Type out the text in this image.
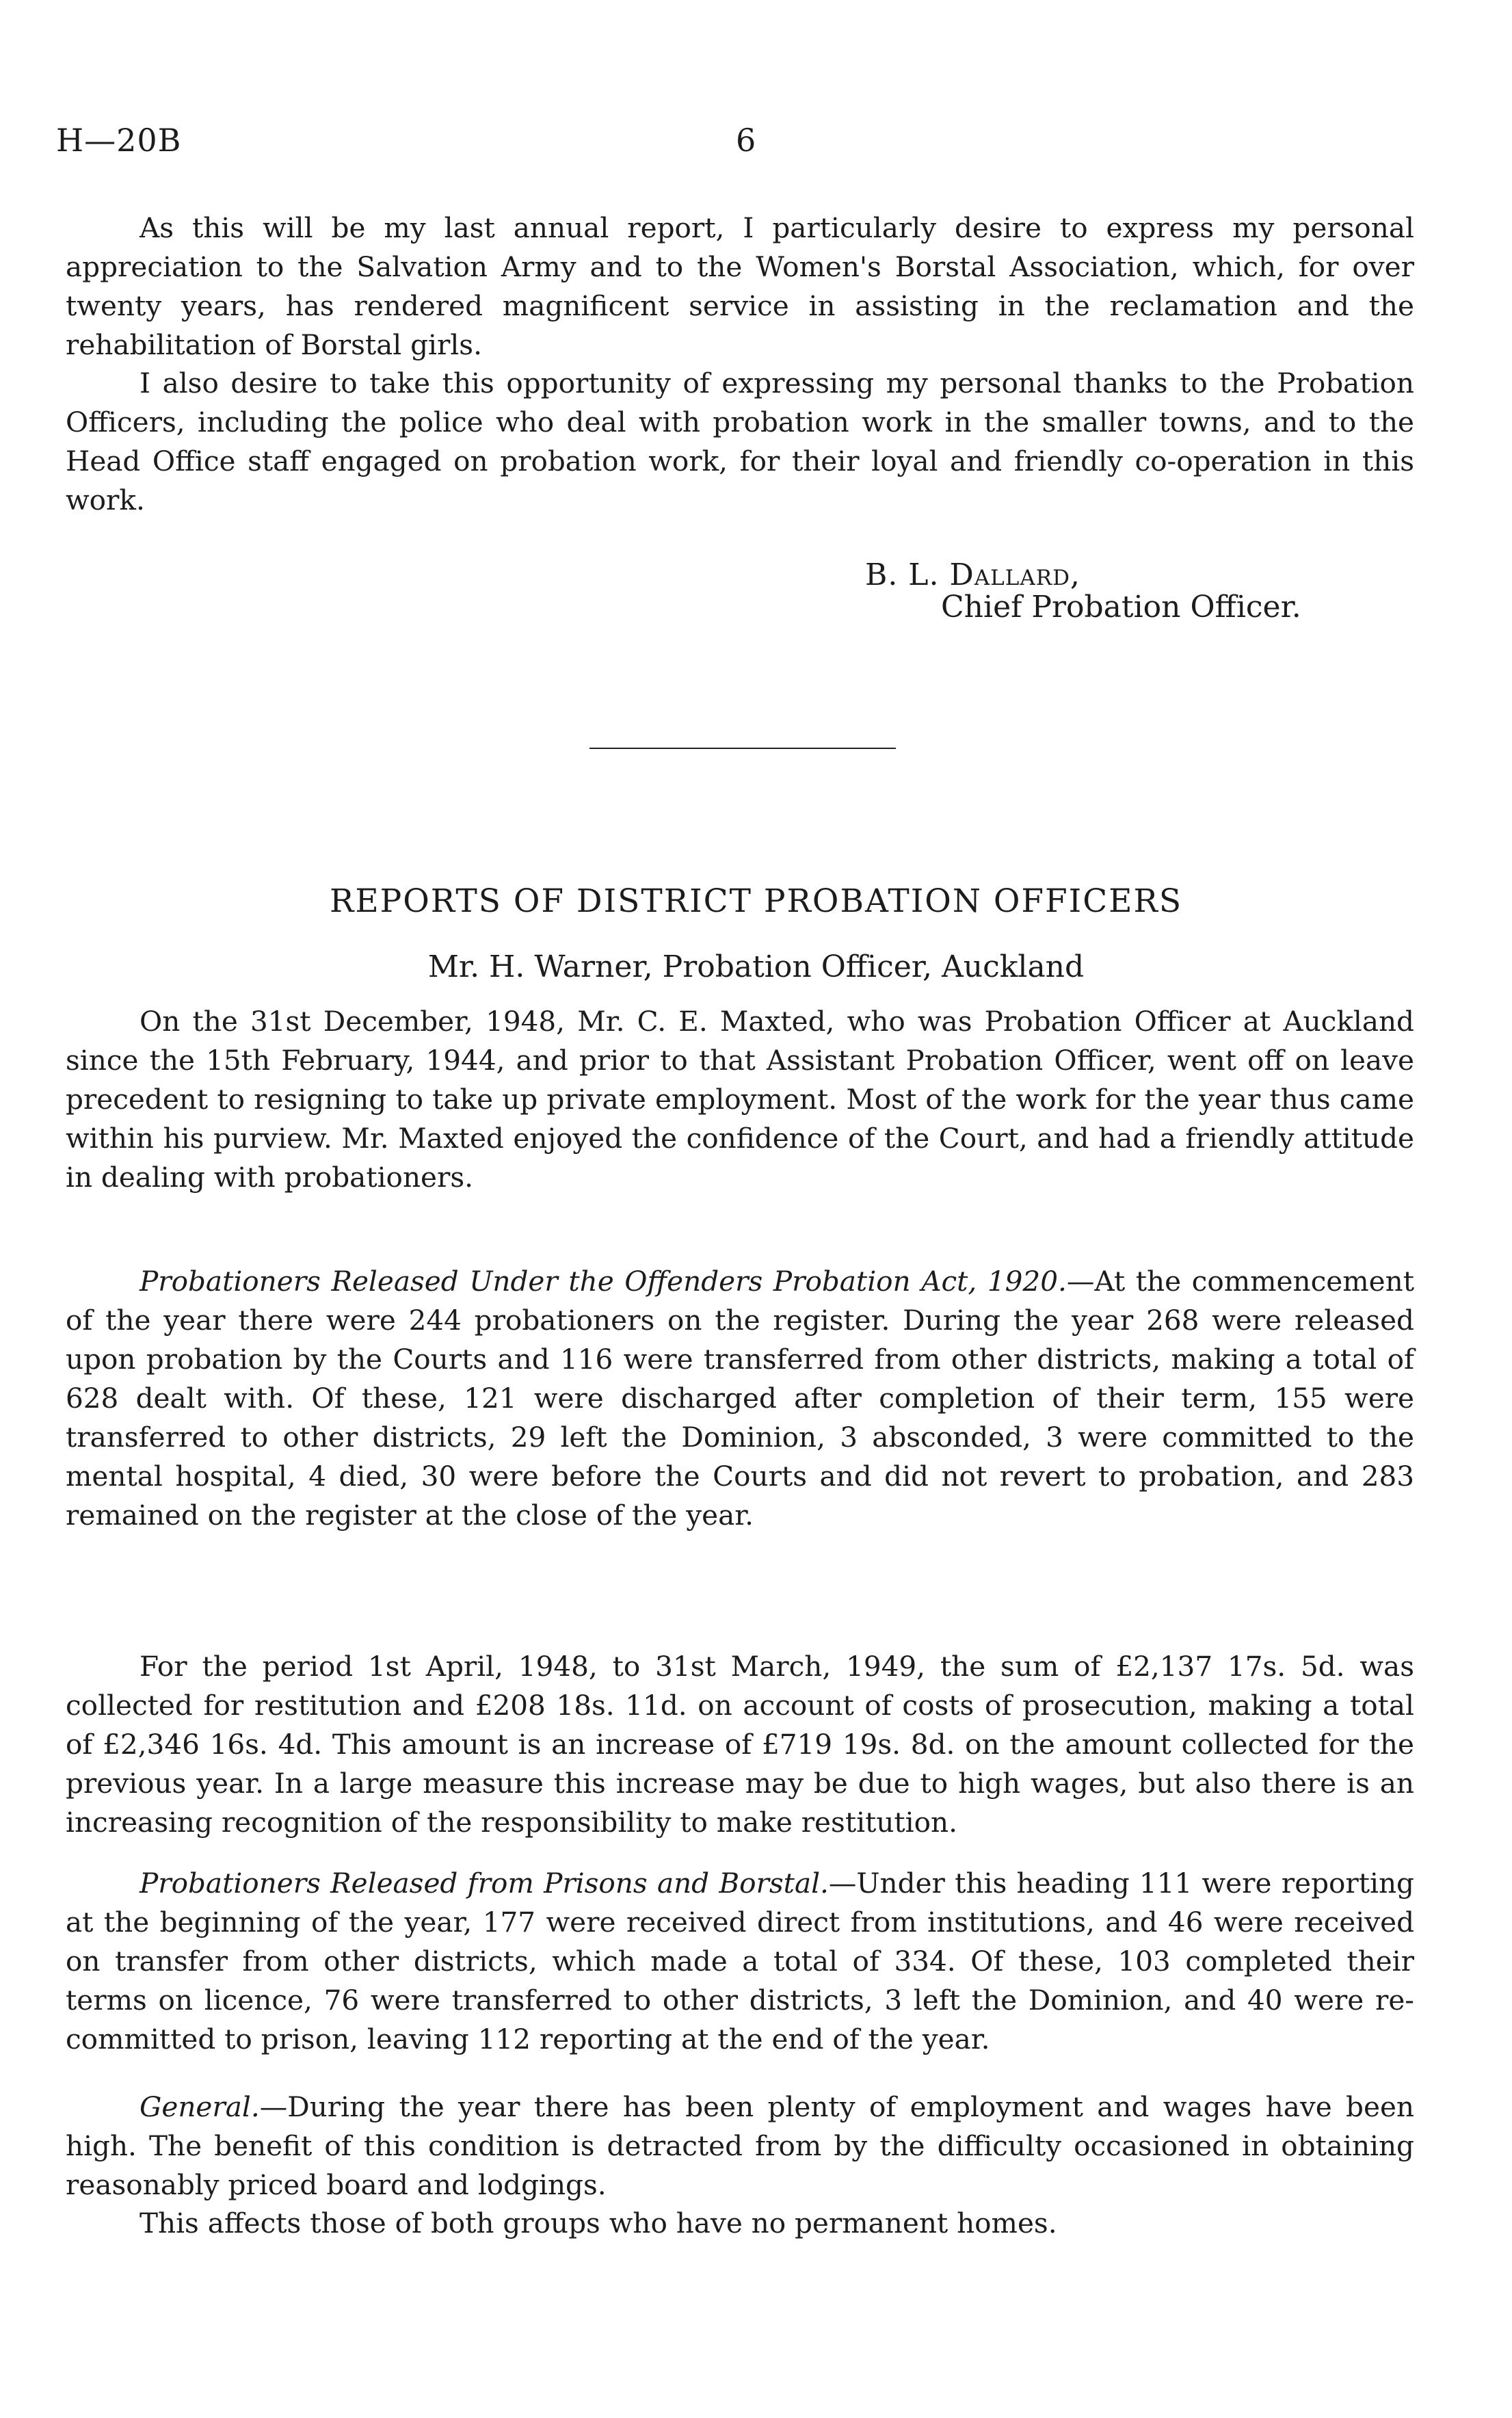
H—20B	6

As this will be my last annual report, I particularly desire to express my personal appreciation to the Salvation Army and to the Women's Borstal Association, which, for over twenty years, has rendered magnificent service in assisting in the reclamation and the rehabilitation of Borstal girls.

I also desire to take this opportunity of expressing my personal thanks to the Probation Officers, including the police who deal with probation work in the smaller towns, and to the Head Office staff engaged on probation work, for their loyal and friendly co-operation in this work.

B. L. Dallard,
Chief Probation Officer.
REPORTS OF DISTRICT PROBATION OFFICERS
Mr. H. Warner, Probation Officer, Auckland

On the 31st December, 1948, Mr. C. E. Maxted, who was Probation Officer at Auckland since the 15th February, 1944, and prior to that Assistant Probation Officer, went off on leave precedent to resigning to take up private employment. Most of the work for the year thus came within his purview. Mr. Maxted enjoyed the confidence of the Court, and had a friendly attitude in dealing with probationers.

Probationers Released Under the Offenders Probation Act, 1920.—At the commencement of the year there were 244 probationers on the register. During the year 268 were released upon probation by the Courts and 116 were transferred from other districts, making a total of 628 dealt with. Of these, 121 were discharged after completion of their term, 155 were transferred to other districts, 29 left the Dominion, 3 absconded, 3 were committed to the mental hospital, 4 died, 30 were before the Courts and did not revert to probation, and 283 remained on the register at the close of the year.

For the period 1st April, 1948, to 31st March, 1949, the sum of £2,137 17s. 5d. was collected for restitution and £208 18s. 11d. on account of costs of prosecution, making a total of £2,346 16s. 4d. This amount is an increase of £719 19s. 8d. on the amount collected for the previous year. In a large measure this increase may be due to high wages, but also there is an increasing recognition of the responsibility to make restitution.

Probationers Released from Prisons and Borstal.—Under this heading 111 were reporting at the beginning of the year, 177 were received direct from institutions, and 46 were received on transfer from other districts, which made a total of 334. Of these, 103 completed their terms on licence, 76 were transferred to other districts, 3 left the Dominion, and 40 were re-committed to prison, leaving 112 reporting at the end of the year.

General.—During the year there has been plenty of employment and wages have been high. The benefit of this condition is detracted from by the difficulty occasioned in obtaining reasonably priced board and lodgings.

This affects those of both groups who have no permanent homes.
